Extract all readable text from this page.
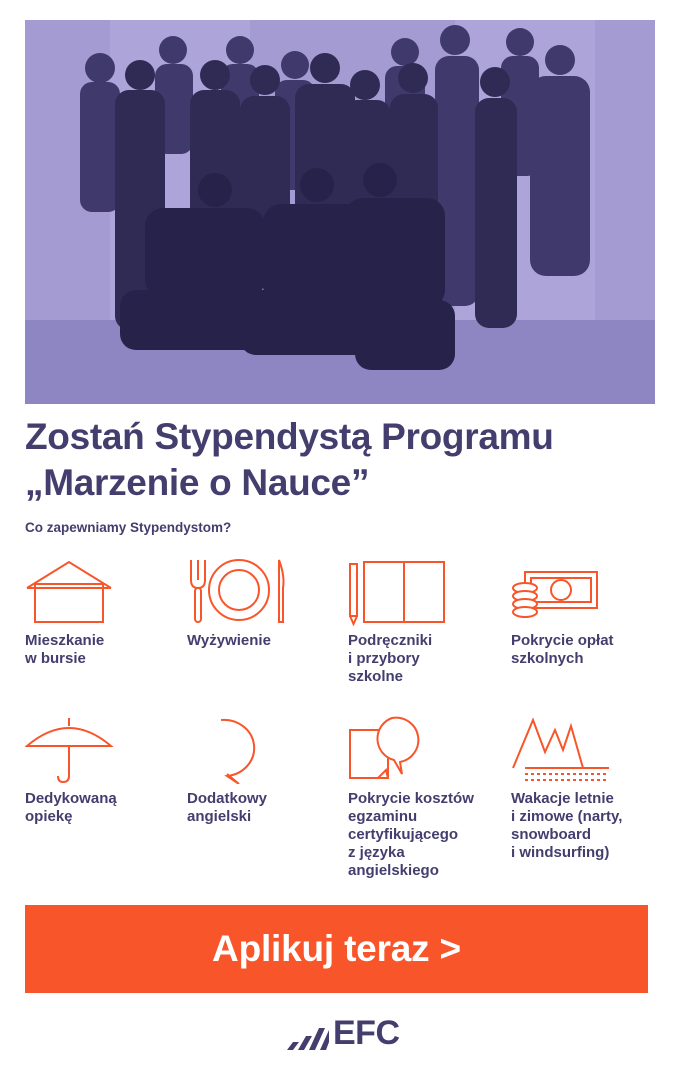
Zostań Stypendystą Programu
„Marzenie o Nauce”
Co zapewniamy Stypendystom?
Mieszkanie
w bursie
Wyżywienie	Podręczniki
i przybory
szkolne
Pokrycie opłat
szkolnych
Dedykowaną
opiekę
Dodatkowy
angielski
Pokrycie kosztów
egzaminu
certyfikującego
z języka
angielskiego
Wakacje letnie
i zimowe (narty,
snowboard
i windsurfing)
Aplikuj teraz >
EFC
